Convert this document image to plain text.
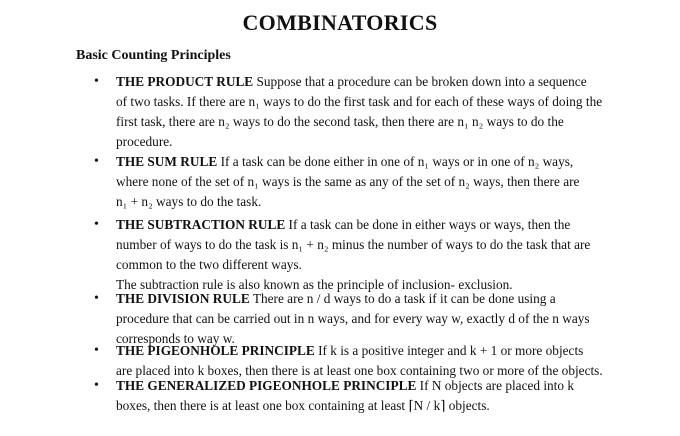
COMBINATORICS
Basic Counting Principles
• THE PRODUCT RULE Suppose that a procedure can be broken down into a sequence
of two tasks. If there are n₁ ways to do the first task and for each of these ways of doing the
first task, there are n₂ ways to do the second task, then there are n₁ n₂ ways to do the
procedure.
• THE SUM RULE If a task can be done either in one of n₁ ways or in one of n₂ ways,
where none of the set of n₁ ways is the same as any of the set of n₂ ways, then there are
n₁ + n₂ ways to do the task.
• THE SUBTRACTION RULE If a task can be done in either ways or ways, then the
number of ways to do the task is n₁ + n₂ minus the number of ways to do the task that are
common to the two different ways.
The subtraction rule is also known as the principle of inclusion- exclusion.
• THE DIVISION RULE There are n / d ways to do a task if it can be done using a
procedure that can be carried out in n ways, and for every way w, exactly d of the n ways
corresponds to way w.
• THE PIGEONHOLE PRINCIPLE If k is a positive integer and k + 1 or more objects
are placed into k boxes, then there is at least one box containing two or more of the objects.
• THE GENERALIZED PIGEONHOLE PRINCIPLE If N objects are placed into k
boxes, then there is at least one box containing at least ⌈N / k⌉ objects.
